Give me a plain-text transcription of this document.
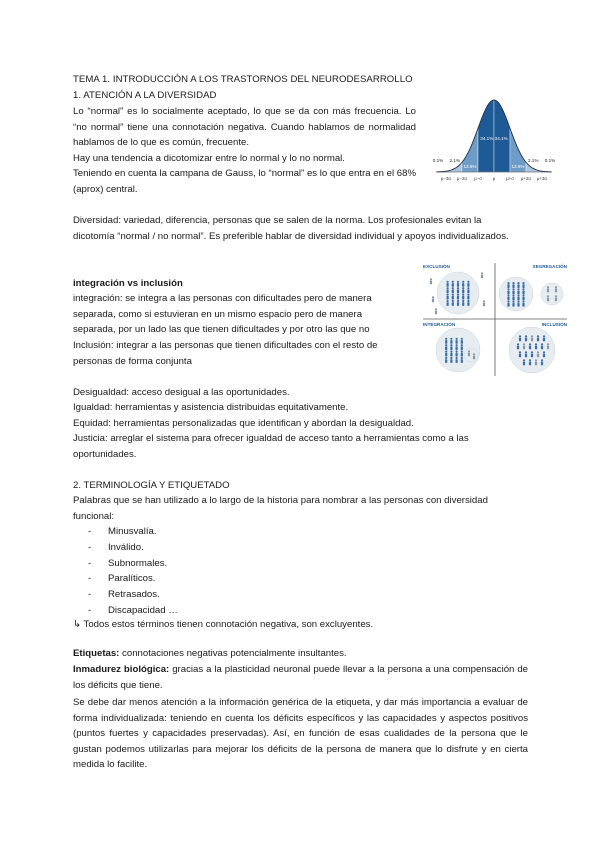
TEMA 1. INTRODUCCIÓN A LOS TRASTORNOS DEL NEURODESARROLLO
1. ATENCIÓN A LA DIVERSIDAD
Lo “normal” es lo socialmente aceptado, lo que se da con más frecuencia. Lo “no normal” tiene una connotación negativa. Cuando hablamos de normalidad hablamos de lo que es común, frecuente.
Hay una tendencia a dicotomizar entre lo normal y lo no normal.
Teniendo en cuenta la campana de Gauss, lo “normal” es lo que entra en el 68% (aprox) central.
0.1% 2.1%
13.6%
34.1% 34.1%
13.6%
2.1% 0.1%
μ−3σ μ−2σ μ−σ μ μ+σ μ+2σ μ+3σ
Diversidad: variedad, diferencia, personas que se salen de la norma. Los profesionales evitan la dicotomía “normal / no normal”. Es preferible hablar de diversidad individual y apoyos individualizados.
integración vs inclusión
integración: se integra a las personas con dificultades pero de manera separada, como si estuvieran en un mismo espacio pero de manera separada, por un lado las que tienen dificultades y por otro las que no
Inclusión: integrar a las personas que tienen dificultades con el resto de personas de forma conjunta
EXCLUSIÓN	SEGREGACIÓN
INTEGRACIÓN	INCLUSIÓN
Desigualdad: acceso desigual a las oportunidades.
Igualdad: herramientas y asistencia distribuidas equitativamente.
Equidad: herramientas personalizadas que identifican y abordan la desigualdad.
Justicia: arreglar el sistema para ofrecer igualdad de acceso tanto a herramientas como a las oportunidades.
2. TERMINOLOGÍA Y ETIQUETADO
Palabras que se han utilizado a lo largo de la historia para nombrar a las personas con diversidad funcional:
- Minusvalía.
- Inválido.
- Subnormales.
- Paralíticos.
- Retrasados.
- Discapacidad …
↳ Todos estos términos tienen connotación negativa, son excluyentes.
Etiquetas: connotaciones negativas potencialmente insultantes.
Inmadurez biológica: gracias a la plasticidad neuronal puede llevar a la persona a una compensación de los déficits que tiene.
Se debe dar menos atención a la información genérica de la etiqueta, y dar más importancia a evaluar de forma individualizada: teniendo en cuenta los déficits específicos y las capacidades y aspectos positivos (puntos fuertes y capacidades preservadas). Así, en función de esas cualidades de la persona que le gustan podemos utilizarlas para mejorar los déficits de la persona de manera que lo disfrute y en cierta medida lo facilite.
